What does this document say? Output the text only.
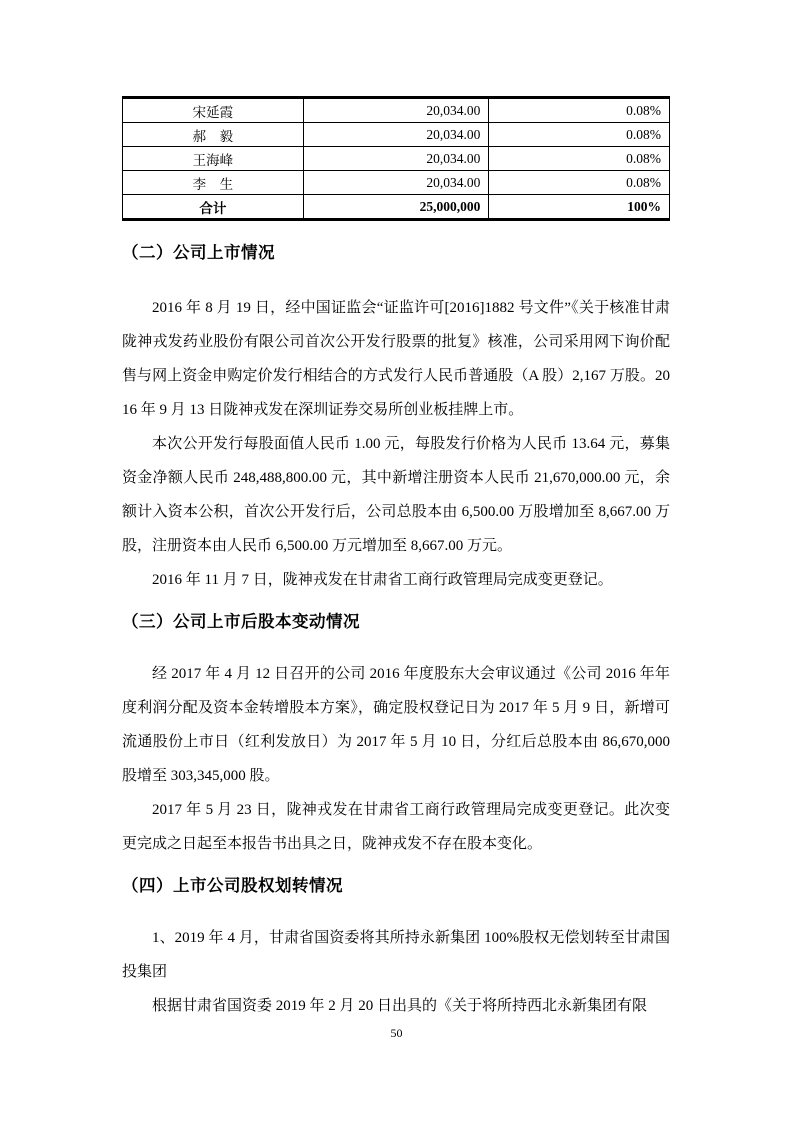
宋延霞	20,034.00	0.08%
郝　毅	20,034.00	0.08%
王海峰	20,034.00	0.08%
李　生	20,034.00	0.08%
合计	25,000,000	100%
（二）公司上市情况

2016 年 8 月 19 日，经中国证监会“证监许可[2016]1882 号文件”《关于核准甘肃陇神戎发药业股份有限公司首次公开发行股票的批复》核准，公司采用网下询价配售与网上资金申购定价发行相结合的方式发行人民币普通股（A 股）2,167 万股。2016 年 9 月 13 日陇神戎发在深圳证券交易所创业板挂牌上市。

本次公开发行每股面值人民币 1.00 元，每股发行价格为人民币 13.64 元，募集资金净额人民币 248,488,800.00 元，其中新增注册资本人民币 21,670,000.00 元，余额计入资本公积，首次公开发行后，公司总股本由 6,500.00 万股增加至 8,667.00 万股，注册资本由人民币 6,500.00 万元增加至 8,667.00 万元。

2016 年 11 月 7 日，陇神戎发在甘肃省工商行政管理局完成变更登记。

（三）公司上市后股本变动情况

经 2017 年 4 月 12 日召开的公司 2016 年度股东大会审议通过《公司 2016 年年度利润分配及资本金转增股本方案》，确定股权登记日为 2017 年 5 月 9 日，新增可流通股份上市日（红利发放日）为 2017 年 5 月 10 日，分红后总股本由 86,670,000 股增至 303,345,000 股。

2017 年 5 月 23 日，陇神戎发在甘肃省工商行政管理局完成变更登记。此次变更完成之日起至本报告书出具之日，陇神戎发不存在股本变化。

（四）上市公司股权划转情况

1、2019 年 4 月，甘肃省国资委将其所持永新集团 100%股权无偿划转至甘肃国投集团

根据甘肃省国资委 2019 年 2 月 20 日出具的《关于将所持西北永新集团有限

50
